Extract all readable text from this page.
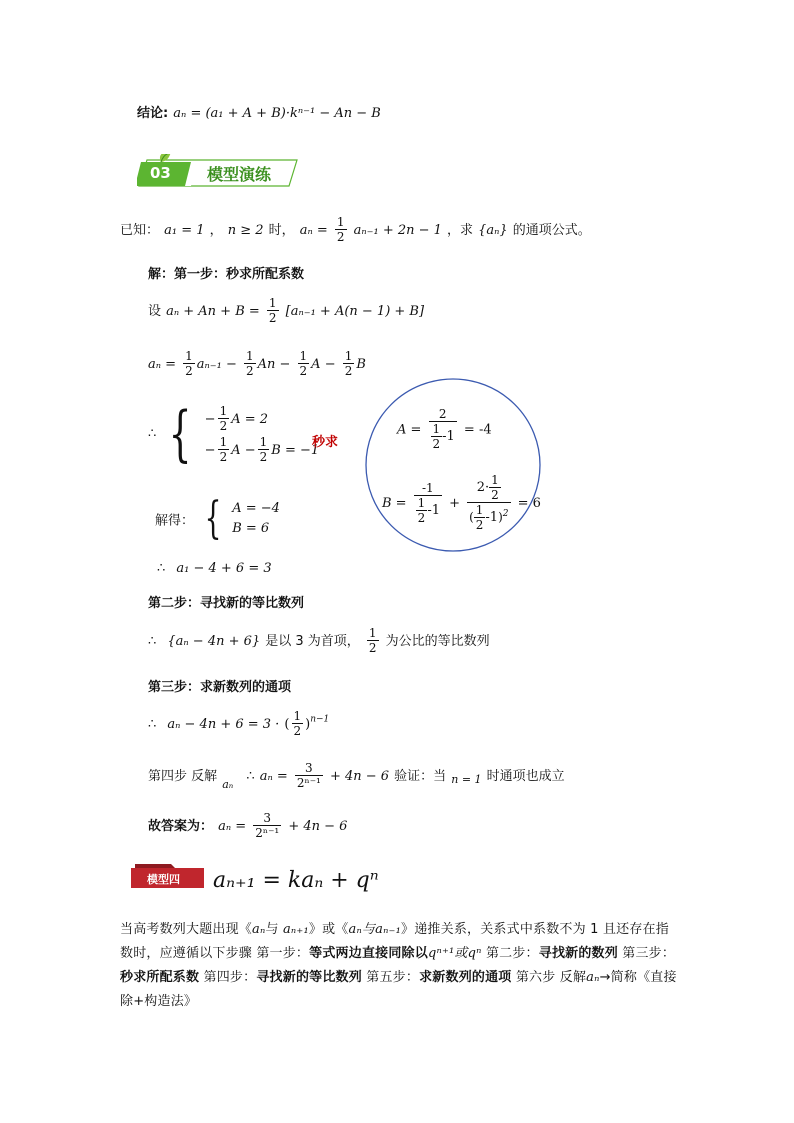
结论: aₙ = (a₁ + A + B)·kⁿ⁻¹ − An − B
03 模型演练
已知： a₁ = 1 ， n ≥ 2 时， $a_n = \frac{1}{2} a_{n-1} + 2n - 1$ ，求 {aₙ} 的通项公式。
解：第一步：秒求所配系数
设 $a_n + An + B = \frac{1}{2} [a_{n-1} + A(n - 1) + B]$
$a_n = \frac{1}{2} a_{n-1} - \frac{1}{2}$ $An - \frac{1}{2}$ $A - \frac{1}{2}$ B
∴ { − $\frac{1}{2}$ A = 2
− $\frac{1}{2}$ $A - \frac{1}{2}$ B = −1
秒求
$A = \frac{2}{\frac{1}{2} -1} = -4$
$B = \frac{-1}{\frac{1}{2} -1} + \frac{2\cdot \frac{1}{2}}{( \frac{1}{2} -1)^2} = 6$
解得： { A = −4
B = 6
∴ a₁ − 4 + 6 = 3
第二步：寻找新的等比数列
∴ {aₙ − 4n + 6} 是以 3 为首项， $\frac{1}{2}$ 为公比的等比数列
第三步：求新数列的通项
∴ aₙ − 4n + 6 = 3 · ( $\frac{1}{2} )^{n-1}$
第四步 反解 $_{a_n}$ ∴ $a_n = \frac{3}{\text{2ⁿ⁻¹}} + 4n - 6$ 验证：当 n = 1 时通项也成立
故答案为： $a_n = \frac{3}{\text{2ⁿ⁻¹}} + 4n - 6$
模型四 aₙ₊₁ = kaₙ + qⁿ
当高考数列大题出现《aₙ与 aₙ₊₁》或《aₙ与aₙ₋₁》递推关系，关系式中系数不为 1 且还存在指数时，应遵循以下步骤 第一步：等式两边直接同除以qⁿ⁺¹或qⁿ 第二步：寻找新的数列 第三步：秒求所配系数 第四步：寻找新的等比数列 第五步：求新数列的通项 第六步 反解aₙ→简称《直接除+构造法》
